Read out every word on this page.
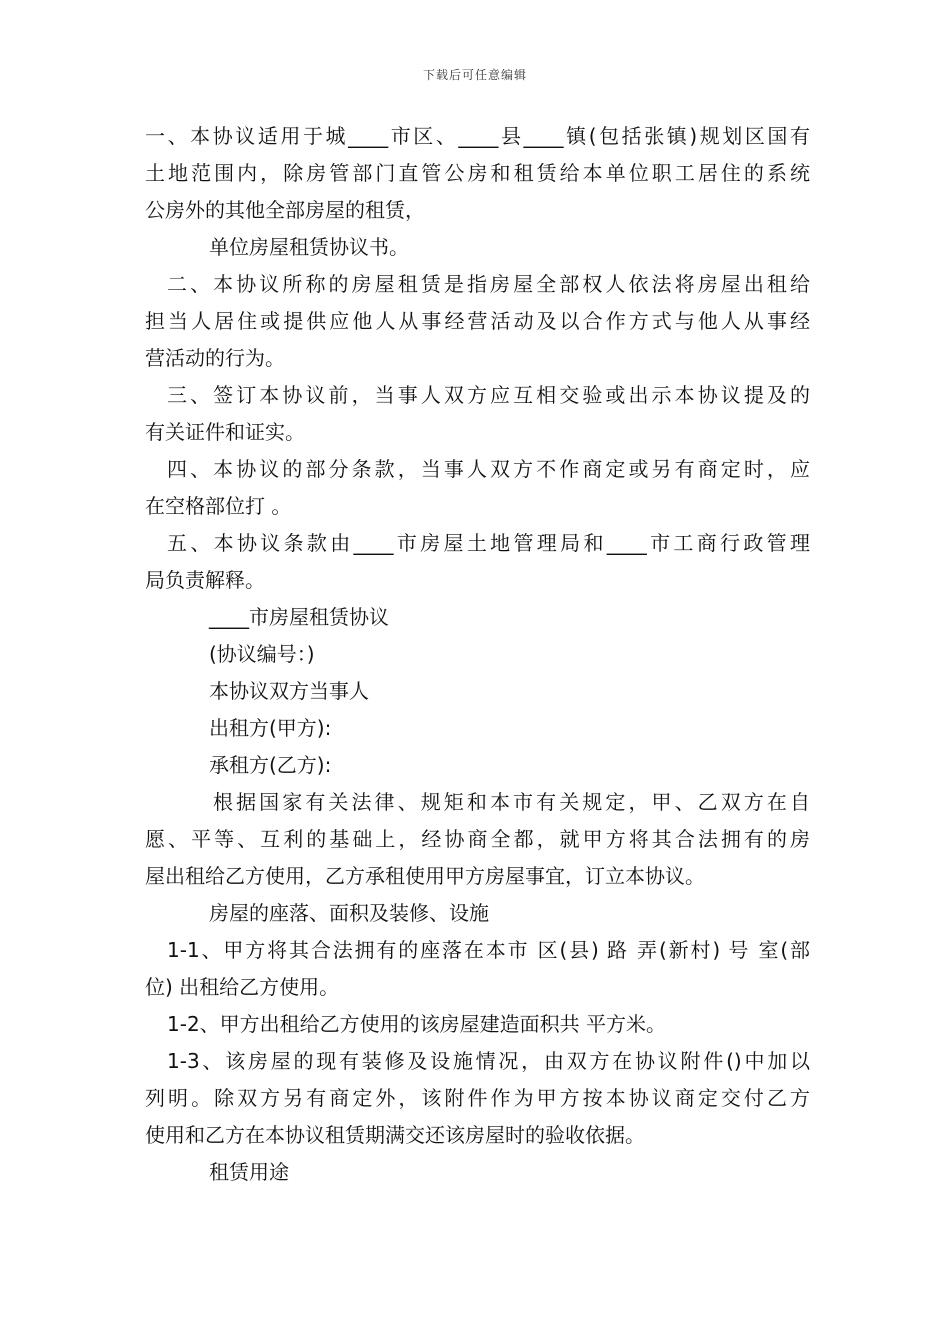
下载后可任意编辑
一、本协议适用于城____市区、____县____镇(包括张镇)规划区国有
土地范围内，除房管部门直管公房和租赁给本单位职工居住的系统
公房外的其他全部房屋的租赁，
单位房屋租赁协议书。
二、本协议所称的房屋租赁是指房屋全部权人依法将房屋出租给
担当人居住或提供应他人从事经营活动及以合作方式与他人从事经
营活动的行为。
三、签订本协议前，当事人双方应互相交验或出示本协议提及的
有关证件和证实。
四、本协议的部分条款，当事人双方不作商定或另有商定时，应
在空格部位打 。
五、本协议条款由____市房屋土地管理局和____市工商行政管理
局负责解释。
____市房屋租赁协议
(协议编号：)
本协议双方当事人
出租方(甲方):
承租方(乙方):
根据国家有关法律、规矩和本市有关规定，甲、乙双方在自
愿、平等、互利的基础上，经协商全都，就甲方将其合法拥有的房
屋出租给乙方使用，乙方承租使用甲方房屋事宜，订立本协议。
房屋的座落、面积及装修、设施
1-1、甲方将其合法拥有的座落在本市 区(县) 路 弄(新村) 号 室(部
位) 出租给乙方使用。
1-2、甲方出租给乙方使用的该房屋建造面积共 平方米。
1-3、该房屋的现有装修及设施情况，由双方在协议附件()中加以
列明。除双方另有商定外，该附件作为甲方按本协议商定交付乙方
使用和乙方在本协议租赁期满交还该房屋时的验收依据。
租赁用途
